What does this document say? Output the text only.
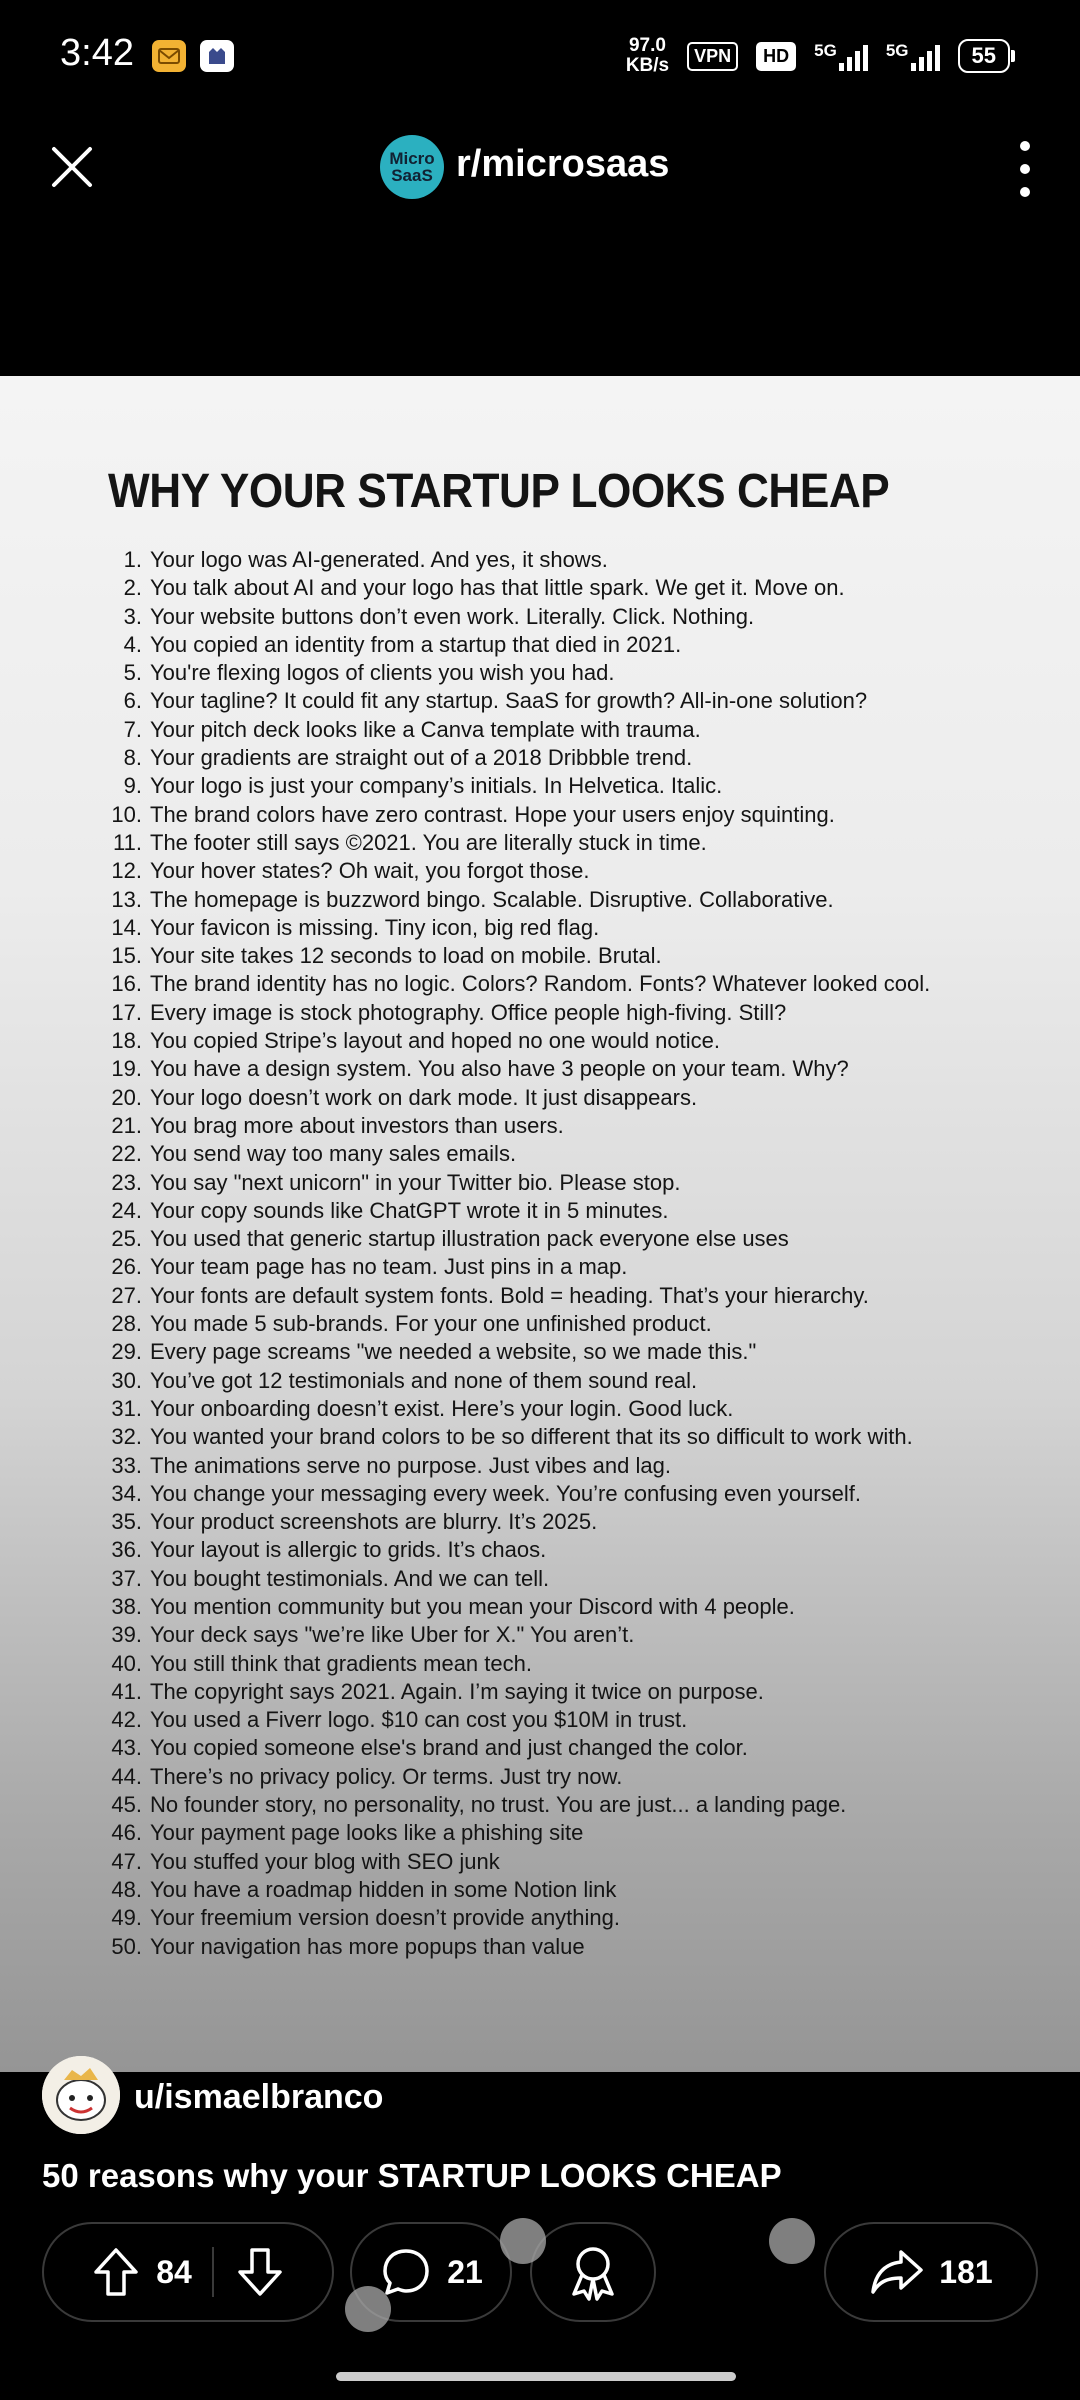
3:42	97.0
KB/s	VPN	HD	5G	5G	55
Micro
SaaS r/microsaas
WHY YOUR STARTUP LOOKS CHEAP
1. Your logo was AI-generated. And yes, it shows.
2. You talk about AI and your logo has that little spark. We get it. Move on.
3. Your website buttons don’t even work. Literally. Click. Nothing.
4. You copied an identity from a startup that died in 2021.
5. You're flexing logos of clients you wish you had.
6. Your tagline? It could fit any startup. SaaS for growth? All-in-one solution?
7. Your pitch deck looks like a Canva template with trauma.
8. Your gradients are straight out of a 2018 Dribbble trend.
9. Your logo is just your company’s initials. In Helvetica. Italic.
10. The brand colors have zero contrast. Hope your users enjoy squinting.
11. The footer still says ©2021. You are literally stuck in time.
12. Your hover states? Oh wait, you forgot those.
13. The homepage is buzzword bingo. Scalable. Disruptive. Collaborative.
14. Your favicon is missing. Tiny icon, big red flag.
15. Your site takes 12 seconds to load on mobile. Brutal.
16. The brand identity has no logic. Colors? Random. Fonts? Whatever looked cool.
17. Every image is stock photography. Office people high-fiving. Still?
18. You copied Stripe’s layout and hoped no one would notice.
19. You have a design system. You also have 3 people on your team. Why?
20. Your logo doesn’t work on dark mode. It just disappears.
21. You brag more about investors than users.
22. You send way too many sales emails.
23. You say "next unicorn" in your Twitter bio. Please stop.
24. Your copy sounds like ChatGPT wrote it in 5 minutes.
25. You used that generic startup illustration pack everyone else uses
26. Your team page has no team. Just pins in a map.
27. Your fonts are default system fonts. Bold = heading. That’s your hierarchy.
28. You made 5 sub-brands. For your one unfinished product.
29. Every page screams "we needed a website, so we made this."
30. You’ve got 12 testimonials and none of them sound real.
31. Your onboarding doesn’t exist. Here’s your login. Good luck.
32. You wanted your brand colors to be so different that its so difficult to work with.
33. The animations serve no purpose. Just vibes and lag.
34. You change your messaging every week. You’re confusing even yourself.
35. Your product screenshots are blurry. It’s 2025.
36. Your layout is allergic to grids. It’s chaos.
37. You bought testimonials. And we can tell.
38. You mention community but you mean your Discord with 4 people.
39. Your deck says "we’re like Uber for X." You aren’t.
40. You still think that gradients mean tech.
41. The copyright says 2021. Again. I’m saying it twice on purpose.
42. You used a Fiverr logo. $10 can cost you $10M in trust.
43. You copied someone else's brand and just changed the color.
44. There’s no privacy policy. Or terms. Just try now.
45. No founder story, no personality, no trust. You are just... a landing page.
46. Your payment page looks like a phishing site
47. You stuffed your blog with SEO junk
48. You have a roadmap hidden in some Notion link
49. Your freemium version doesn’t provide anything.
50. Your navigation has more popups than value
u/ismaelbranco
50 reasons why your STARTUP LOOKS CHEAP
84	21	181
